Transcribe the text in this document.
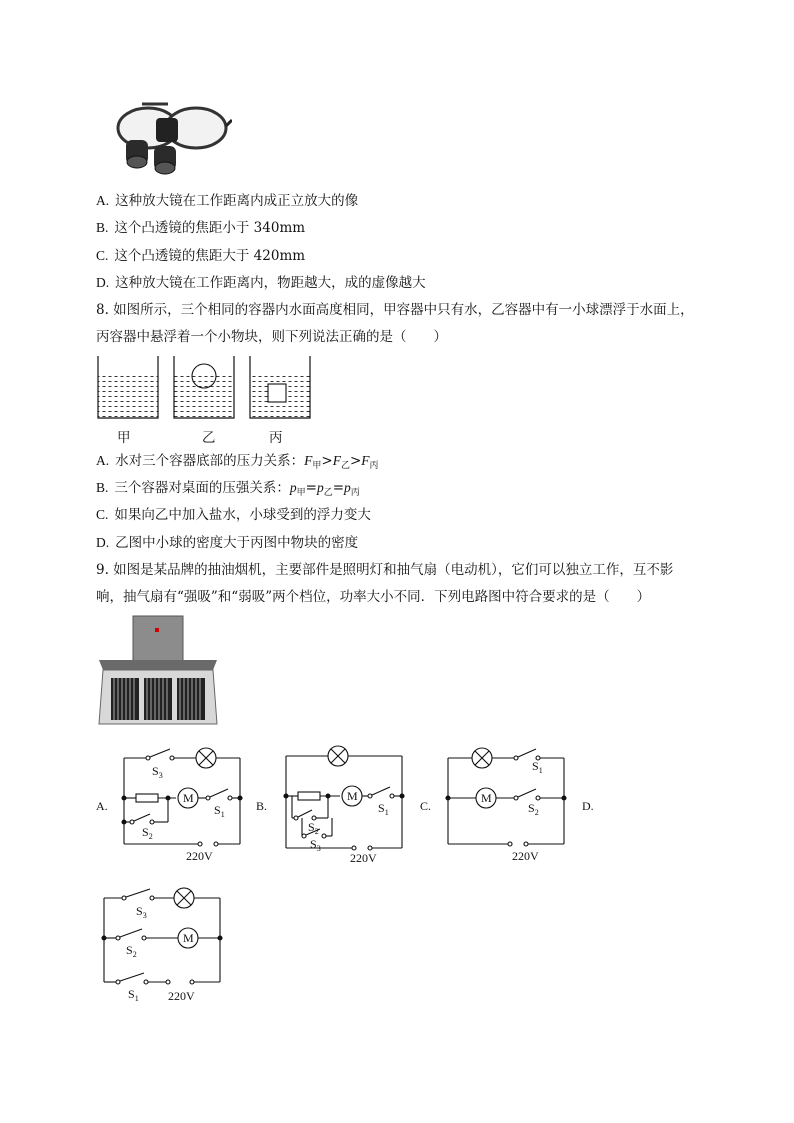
A. 这种放大镜在工作距离内成正立放大的像
B. 这个凸透镜的焦距小于 340mm
C. 这个凸透镜的焦距大于 420mm
D. 这种放大镜在工作距离内，物距越大，成的虚像越大
8. 如图所示，三个相同的容器内水面高度相同，甲容器中只有水，乙容器中有一小球漂浮于水面上，
丙容器中悬浮着一个小物块，则下列说法正确的是（　　）
甲	乙	丙
A. 水对三个容器底部的压力关系：$F_甲>F_乙>F_丙$
B. 三个容器对桌面的压强关系：$p_甲=p_乙=p_丙$
C. 如果向乙中加入盐水，小球受到的浮力变大
D. 乙图中小球的密度大于丙图中物块的密度
9. 如图是某品牌的抽油烟机，主要部件是照明灯和抽气扇（电动机），它们可以独立工作，互不影
响，抽气扇有“强吸”和“弱吸”两个档位，功率大小不同．下列电路图中符合要求的是（　　）
A.
$S_3$
M
$S_1$
$S_2$
220V
B.
M
$S_1$
$S_2$
$S_3$
220V
C.
$S_1$
M
$S_2$
220V
D.
$S_3$
M
$S_2$
$S_1$ 220V
